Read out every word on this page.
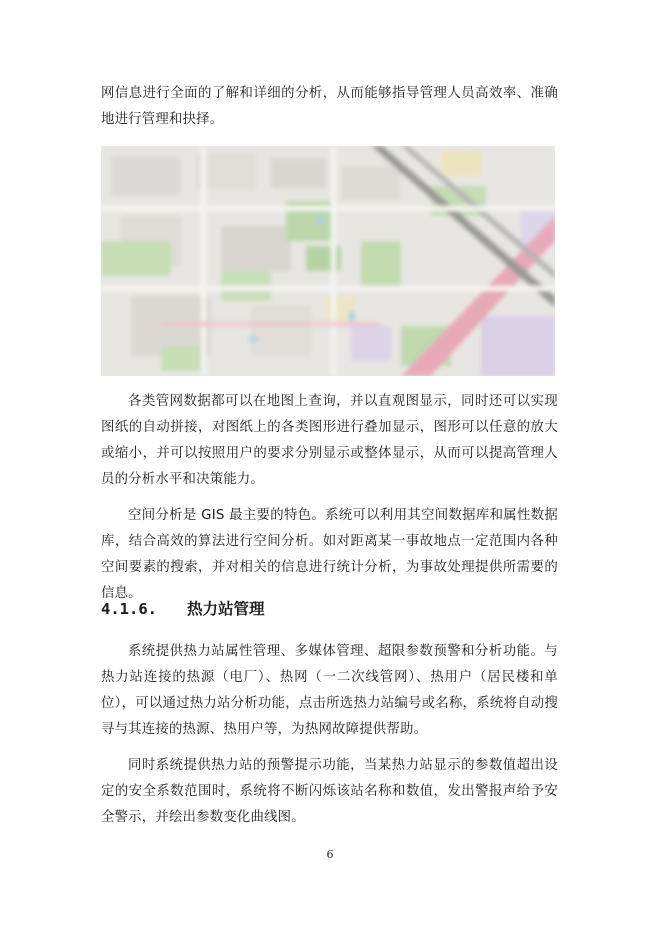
网信息进行全面的了解和详细的分析，从而能够指导管理人员高效率、准确地进行管理和抉择。

各类管网数据都可以在地图上查询，并以直观图显示，同时还可以实现图纸的自动拼接，对图纸上的各类图形进行叠加显示，图形可以任意的放大或缩小，并可以按照用户的要求分别显示或整体显示，从而可以提高管理人员的分析水平和决策能力。

空间分析是 GIS 最主要的特色。系统可以利用其空间数据库和属性数据库，结合高效的算法进行空间分析。如对距离某一事故地点一定范围内各种空间要素的搜索，并对相关的信息进行统计分析，为事故处理提供所需要的信息。

4.1.6. 热力站管理

系统提供热力站属性管理、多媒体管理、超限参数预警和分析功能。与热力站连接的热源（电厂）、热网（一二次线管网）、热用户（居民楼和单位），可以通过热力站分析功能，点击所选热力站编号或名称，系统将自动搜寻与其连接的热源、热用户等，为热网故障提供帮助。

同时系统提供热力站的预警提示功能，当某热力站显示的参数值超出设定的安全系数范围时，系统将不断闪烁该站名称和数值，发出警报声给予安全警示，并绘出参数变化曲线图。

6
